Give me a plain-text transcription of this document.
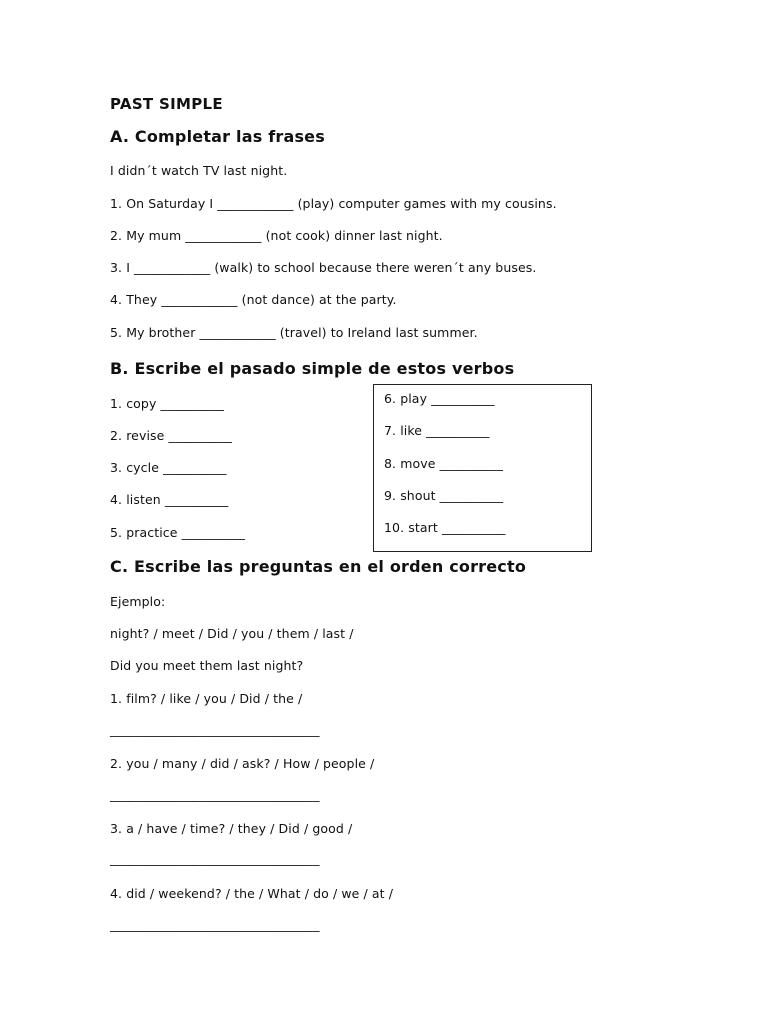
PAST SIMPLE
A. Completar las frases
I didn´t watch TV last night.
1. On Saturday I ____________ (play) computer games with my cousins.
2. My mum ____________ (not cook) dinner last night.
3. I ____________ (walk) to school because there weren´t any buses.
4. They ____________ (not dance) at the party.
5. My brother ____________ (travel) to Ireland last summer.
B. Escribe el pasado simple de estos verbos
1. copy __________
2. revise __________
3. cycle __________
4. listen __________
5. practice __________
6. play __________
7. like __________
8. move __________
9. shout __________
10. start __________
C. Escribe las preguntas en el orden correcto
Ejemplo:
night? / meet / Did / you / them / last /
Did you meet them last night?
1. film? / like / you / Did / the /
_________________________________
2. you / many / did / ask? / How / people /
_________________________________
3. a / have / time? / they / Did / good /
_________________________________
4. did / weekend? / the / What / do / we / at /
_________________________________
